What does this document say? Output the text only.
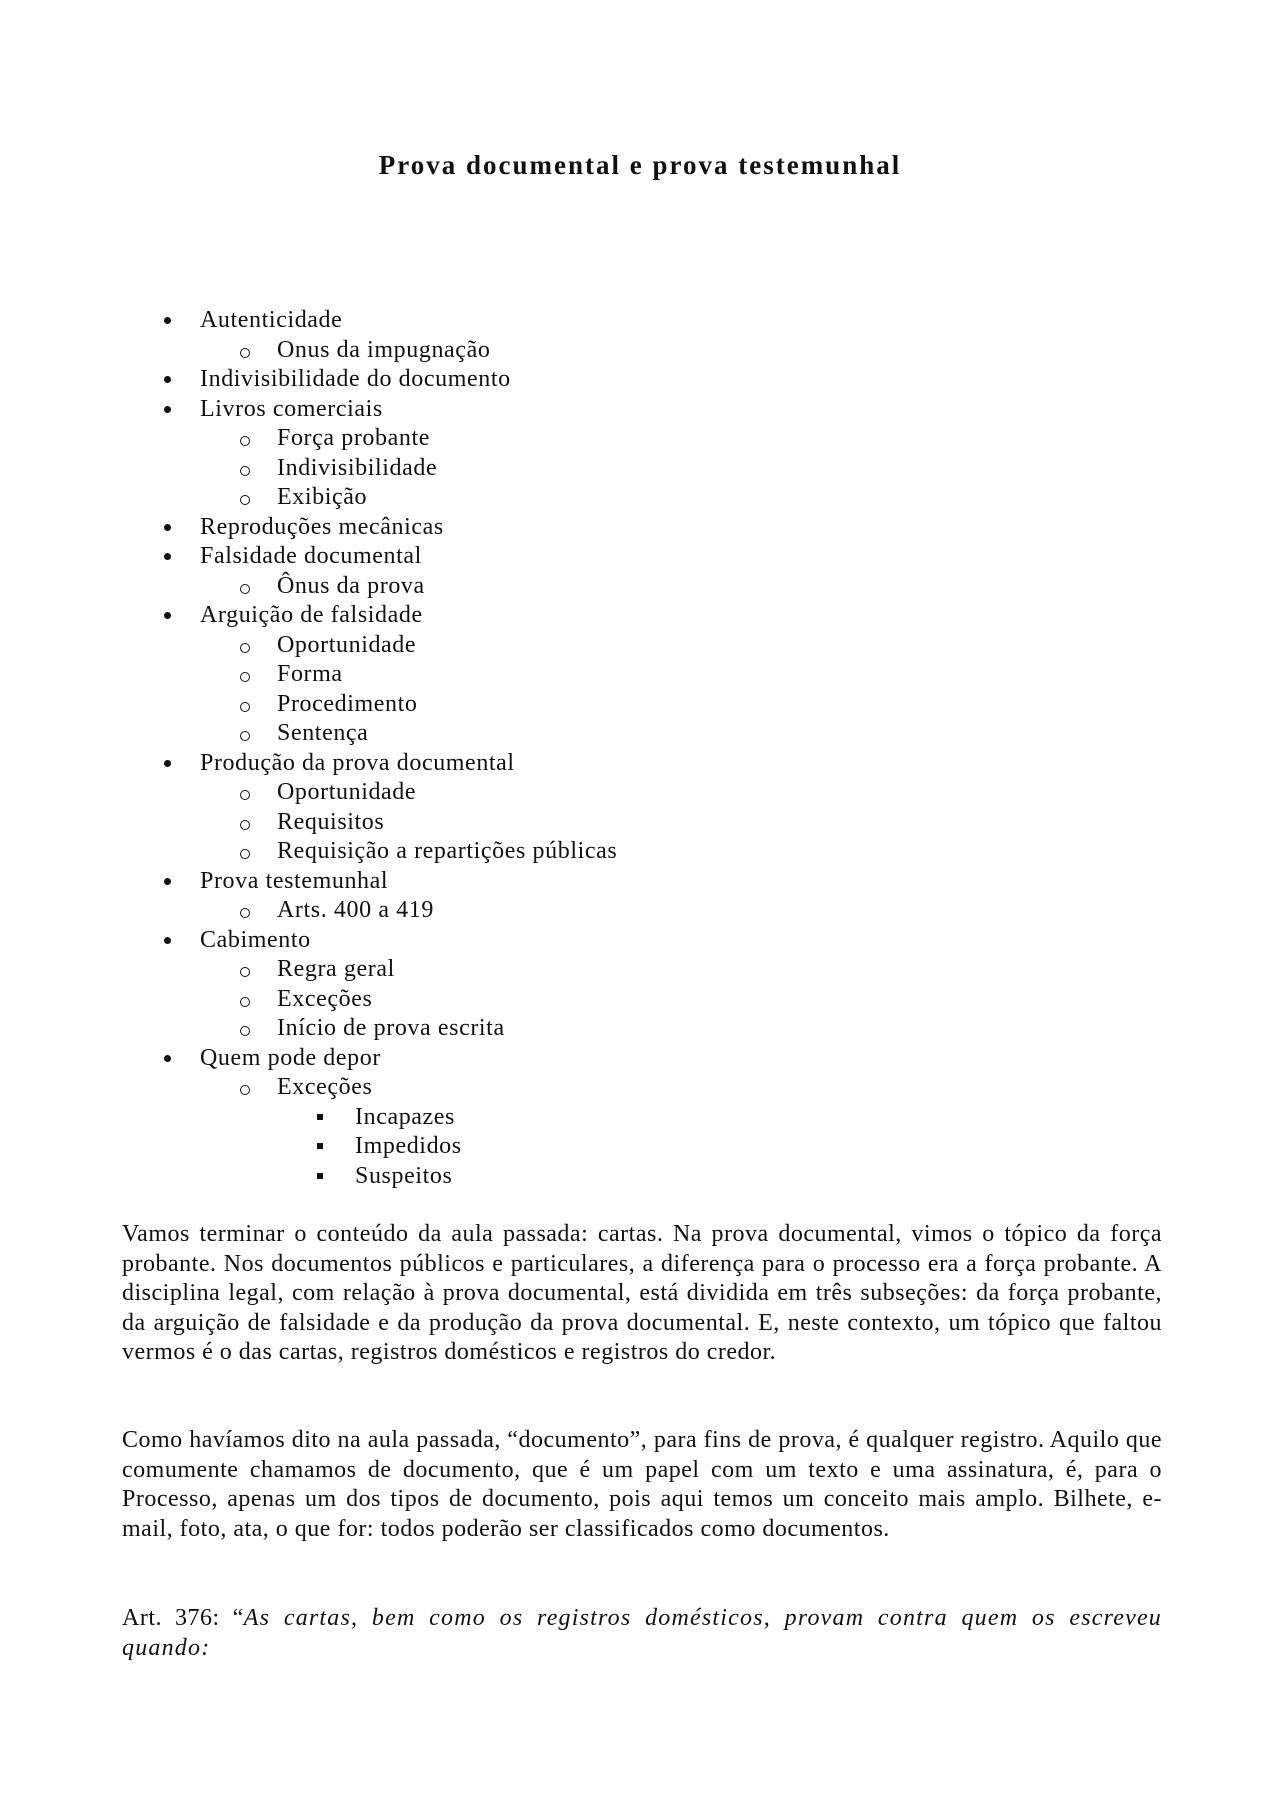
Prova documental e prova testemunhal
Autenticidade
Onus da impugnação
Indivisibilidade do documento
Livros comerciais
Força probante
Indivisibilidade
Exibição
Reproduções mecânicas
Falsidade documental
Ônus da prova
Arguição de falsidade
Oportunidade
Forma
Procedimento
Sentença
Produção da prova documental
Oportunidade
Requisitos
Requisição a repartições públicas
Prova testemunhal
Arts. 400 a 419
Cabimento
Regra geral
Exceções
Início de prova escrita
Quem pode depor
Exceções
Incapazes
Impedidos
Suspeitos

Vamos terminar o conteúdo da aula passada: cartas. Na prova documental, vimos o tópico da força probante. Nos documentos públicos e particulares, a diferença para o processo era a força probante. A disciplina legal, com relação à prova documental, está dividida em três subseções: da força probante, da arguição de falsidade e da produção da prova documental. E, neste contexto, um tópico que faltou vermos é o das cartas, registros domésticos e registros do credor.

Como havíamos dito na aula passada, “documento”, para fins de prova, é qualquer registro. Aquilo que comumente chamamos de documento, que é um papel com um texto e uma assinatura, é, para o Processo, apenas um dos tipos de documento, pois aqui temos um conceito mais amplo. Bilhete, e-mail, foto, ata, o que for: todos poderão ser classificados como documentos.

Art. 376: “As cartas, bem como os registros domésticos, provam contra quem os escreveu quando:
